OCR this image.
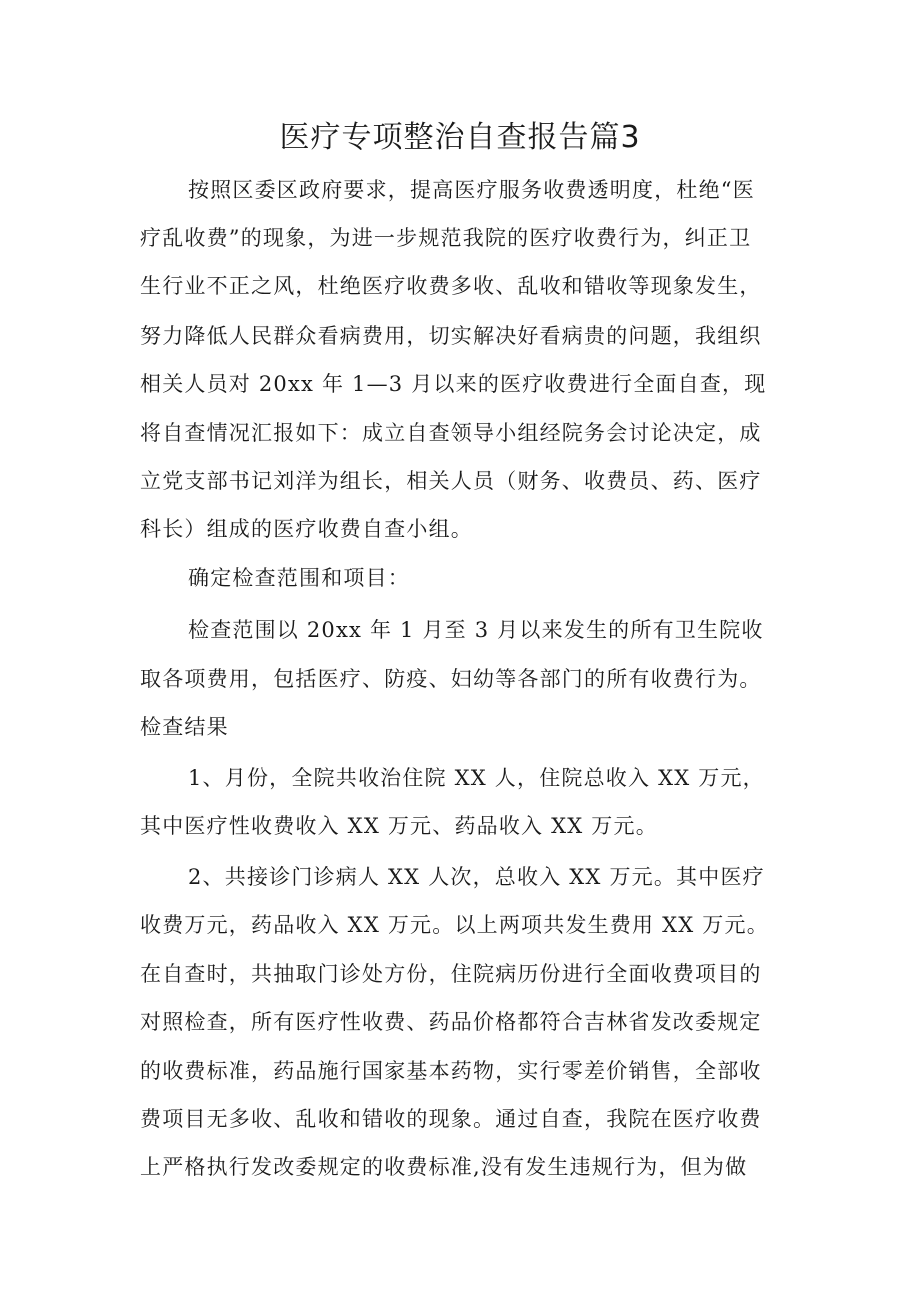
医疗专项整治自查报告篇3
按照区委区政府要求，提高医疗服务收费透明度，杜绝“医
疗乱收费”的现象，为进一步规范我院的医疗收费行为，纠正卫
生行业不正之风，杜绝医疗收费多收、乱收和错收等现象发生，
努力降低人民群众看病费用，切实解决好看病贵的问题，我组织
相关人员对 20xx 年 1—3 月以来的医疗收费进行全面自查，现
将自查情况汇报如下：成立自查领导小组经院务会讨论决定，成
立党支部书记刘洋为组长，相关人员（财务、收费员、药、医疗
科长）组成的医疗收费自查小组。
确定检查范围和项目：
检查范围以 20xx 年 1 月至 3 月以来发生的所有卫生院收
取各项费用，包括医疗、防疫、妇幼等各部门的所有收费行为。
检查结果
1、月份，全院共收治住院 XX 人，住院总收入 XX 万元，
其中医疗性收费收入 XX 万元、药品收入 XX 万元。
2、共接诊门诊病人 XX 人次，总收入 XX 万元。其中医疗
收费万元，药品收入 XX 万元。以上两项共发生费用 XX 万元。
在自查时，共抽取门诊处方份，住院病历份进行全面收费项目的
对照检查，所有医疗性收费、药品价格都符合吉林省发改委规定
的收费标准，药品施行国家基本药物，实行零差价销售，全部收
费项目无多收、乱收和错收的现象。通过自查，我院在医疗收费
上严格执行发改委规定的收费标准,没有发生违规行为，但为做
